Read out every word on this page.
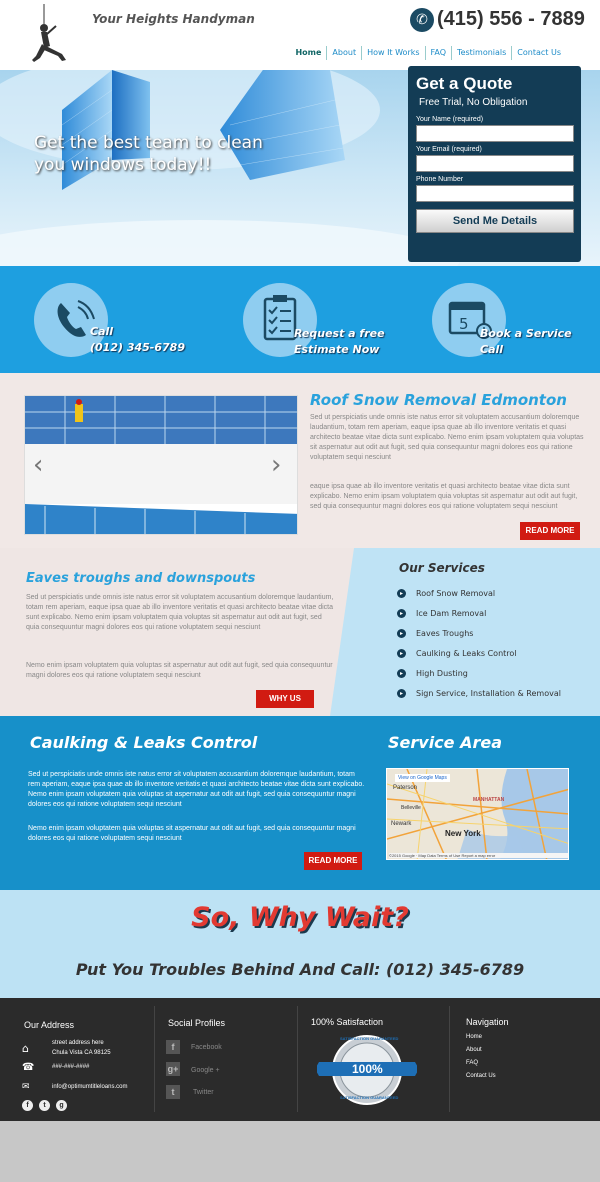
Your Heights Handyman	✆ (415) 556 - 7889
Home	About	How It Works	FAQ	Testimonials	Contact Us
Get the best team to clean you windows today!!
Get a Quote
Free Trial, No Obligation
Your Name (required)
Your Email (required)
Phone Number
Send Me Details
Call
(012) 345-6789
Request a free
Estimate Now
5
Book a Service
Call
‹	›
Roof Snow Removal Edmonton
Sed ut perspiciatis unde omnis iste natus error sit voluptatem accusantium doloremque laudantium, totam rem aperiam, eaque ipsa quae ab illo inventore veritatis et quasi architecto beatae vitae dicta sunt explicabo. Nemo enim ipsam voluptatem quia voluptas sit aspernatur aut odit aut fugit, sed quia consequuntur magni dolores eos qui ratione voluptatem sequi nesciunt
eaque ipsa quae ab illo inventore veritatis et quasi architecto beatae vitae dicta sunt explicabo. Nemo enim ipsam voluptatem quia voluptas sit aspernatur aut odit aut fugit, sed quia consequuntur magni dolores eos qui ratione voluptatem sequi nesciunt
READ MORE
Eaves troughs and downspouts
Sed ut perspiciatis unde omnis iste natus error sit voluptatem accusantium doloremque laudantium, totam rem aperiam, eaque ipsa quae ab illo inventore veritatis et quasi architecto beatae vitae dicta sunt explicabo. Nemo enim ipsam voluptatem quia voluptas sit aspernatur aut odit aut fugit, sed quia consequuntur magni dolores eos qui ratione voluptatem sequi nesciunt
Nemo enim ipsam voluptatem quia voluptas sit aspernatur aut odit aut fugit, sed quia consequuntur magni dolores eos qui ratione voluptatem sequi nesciunt
WHY US
Our Services
▸	Roof Snow Removal
▸	Ice Dam Removal
▸	Eaves Troughs
▸	Caulking & Leaks Control
▸	High Dusting
▸	Sign Service, Installation & Removal
Caulking & Leaks Control
Sed ut perspiciatis unde omnis iste natus error sit voluptatem accusantium doloremque laudantium, totam rem aperiam, eaque ipsa quae ab illo inventore veritatis et quasi architecto beatae vitae dicta sunt explicabo. Nemo enim ipsam voluptatem quia voluptas sit aspernatur aut odit aut fugit, sed quia consequuntur magni dolores eos qui ratione voluptatem sequi nesciunt
Nemo enim ipsam voluptatem quia voluptas sit aspernatur aut odit aut fugit, sed quia consequuntur magni dolores eos qui ratione voluptatem sequi nesciunt
READ MORE
Service Area
View on Google Maps
Paterson
Newark
MANHATTAN
Belleville
New York
©2015 Google · Map Data Terms of Use Report a map error
So, Why Wait?
Put You Troubles Behind And Call: (012) 345-6789
Our Address
⌂	street address here
Chula Vista CA 98125
☎	###-###-####
✉	info@optimumtitleloans.com
f	t	g
Social Profiles
f	Facebook
g+ Google +
t	Twitter
100% Satisfaction
100%
SATISFACTION GUARANTEED
SATISFACTION GUARANTEED
Navigation
Home
About
FAQ
Contact Us
